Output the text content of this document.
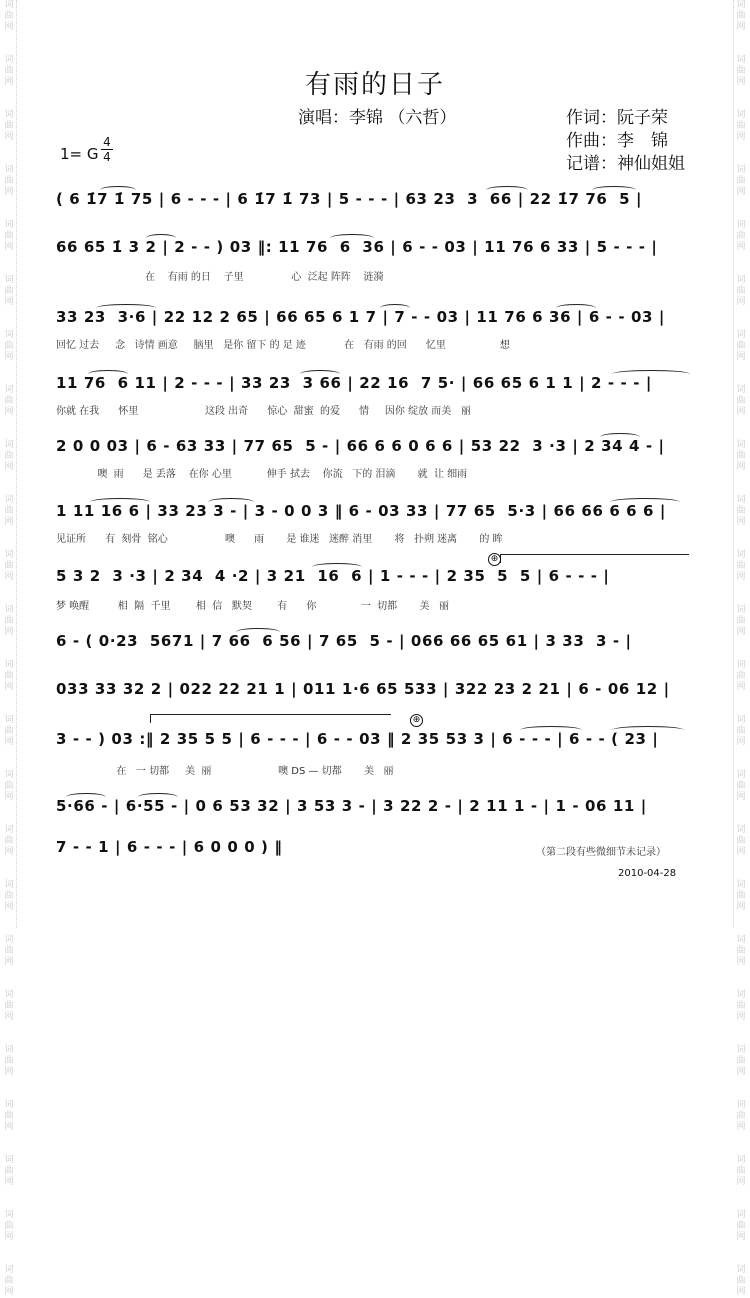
词
曲
网

词
曲
网

词
曲
网

词
曲
网

词
曲
网

词
曲
网

词
曲
网

词
曲
网

词
曲
网

词
曲
网

词
曲
网

词
曲
网

词
曲
网

词
曲
网

词
曲
网

词
曲
网

词
曲
网

词
曲
网

词
曲
网

词
曲
网

词
曲
网

词
曲
网

词
曲
网

词
曲
网

词
曲
网

词
曲
网

词
曲
网

词
曲
网

词
曲
网

词
曲
网

词
曲
网

词
曲
网

词
曲
网

词
曲
网

词
曲
网

词
曲
网

词
曲
网

词
曲
网

词
曲
网

词
曲
网

词
曲
网

词
曲
网

词
曲
网

词
曲
网

词
曲
网

词
曲
网

词
曲
网

词
曲
网

有雨的日子
演唱：李锦 （六哲）	作词：阮子荣
作曲：李　锦
记谱：神仙姐姐
1= G
4
4
( 6 1̇7 1̇ 75 | 6 - - - | 6 1̇7 1̇ 73 | 5 - - - | 63 23  3  66 | 22 1̇7 76  5 |
66 65 1̇ 3 2 | 2 - - ) 03 ‖: 11 76  6  36 | 6 - - 03 | 11 76 6 33 | 5 - - - |
在    有雨 的日    子里               心  泛起 阵阵    涟漪
33 23  3·6 | 22 12 2 65 | 66 65 6 1 7 | 7 - - 03 | 11 76 6 36 | 6 - - 03 |
回忆 过去     念   诗情 画意     脑里   是你 留下 的 足 迹            在   有雨 的回      忆里                 想
11 76  6 11 | 2 - - - | 33 23  3 66 | 22 16  7 5· | 66 65 6 1 1 | 2 - - - |
你就 在我      怀里                     这段 出奇      惊心  甜蜜  的爱      情     因你 绽放 而美   丽
2 0 0 03 | 6 - 63 33 | 77 65  5 - | 66 6 6 0 6 6 | 53 22  3 ·3 | 2 34 4 - |
噢  雨      是 丢落    在你 心里           伸手 拭去    你流   下的 泪滴       就  让 细雨
1 11 16 6 | 33 23 3 - | 3 - 0 0 3 ‖ 6 - 03 33 | 77 65  5·3 | 66 66 6 6 6 |
见证所      有  刻骨  铭心                  噢      雨       是 谁迷   迷醉 消里       将   扑朔 迷离       的 眸
5 3 2  3 ·3 | 2 34  4 ·2 | 3 21  16  6 | 1 - - - | 2 35  5  5 | 6 - - - |
梦 唤醒         相  隔  千里        相  信   默契        有      你              一  切都       美   丽
6 - ( 0·23  5671 | 7 66  6 56 | 7 65  5 - | 066 66 65 61 | 3 33  3 - |
033 33 32 2 | 022 22 21 1 | 011 1·6 65 533 | 322 23 2 21 | 6 - 06 12 |
3 - - ) 03 :‖ 2 35 5 5 | 6 - - - | 6 - - 03 ‖ 2 35 53 3 | 6 - - - | 6 - - ( 23 |
在   一 切都     美  丽                     噢 DS — 切都       美   丽
5·66 - | 6·55 - | 0 6 53 32 | 3 53 3 - | 3 22 2 - | 2 11 1 - | 1 - 06 11 |
7 - - 1 | 6 - - - | 6 0 0 0 ) ‖
⊕
⊕
（第二段有些微细节未记录）
2010-04-28
